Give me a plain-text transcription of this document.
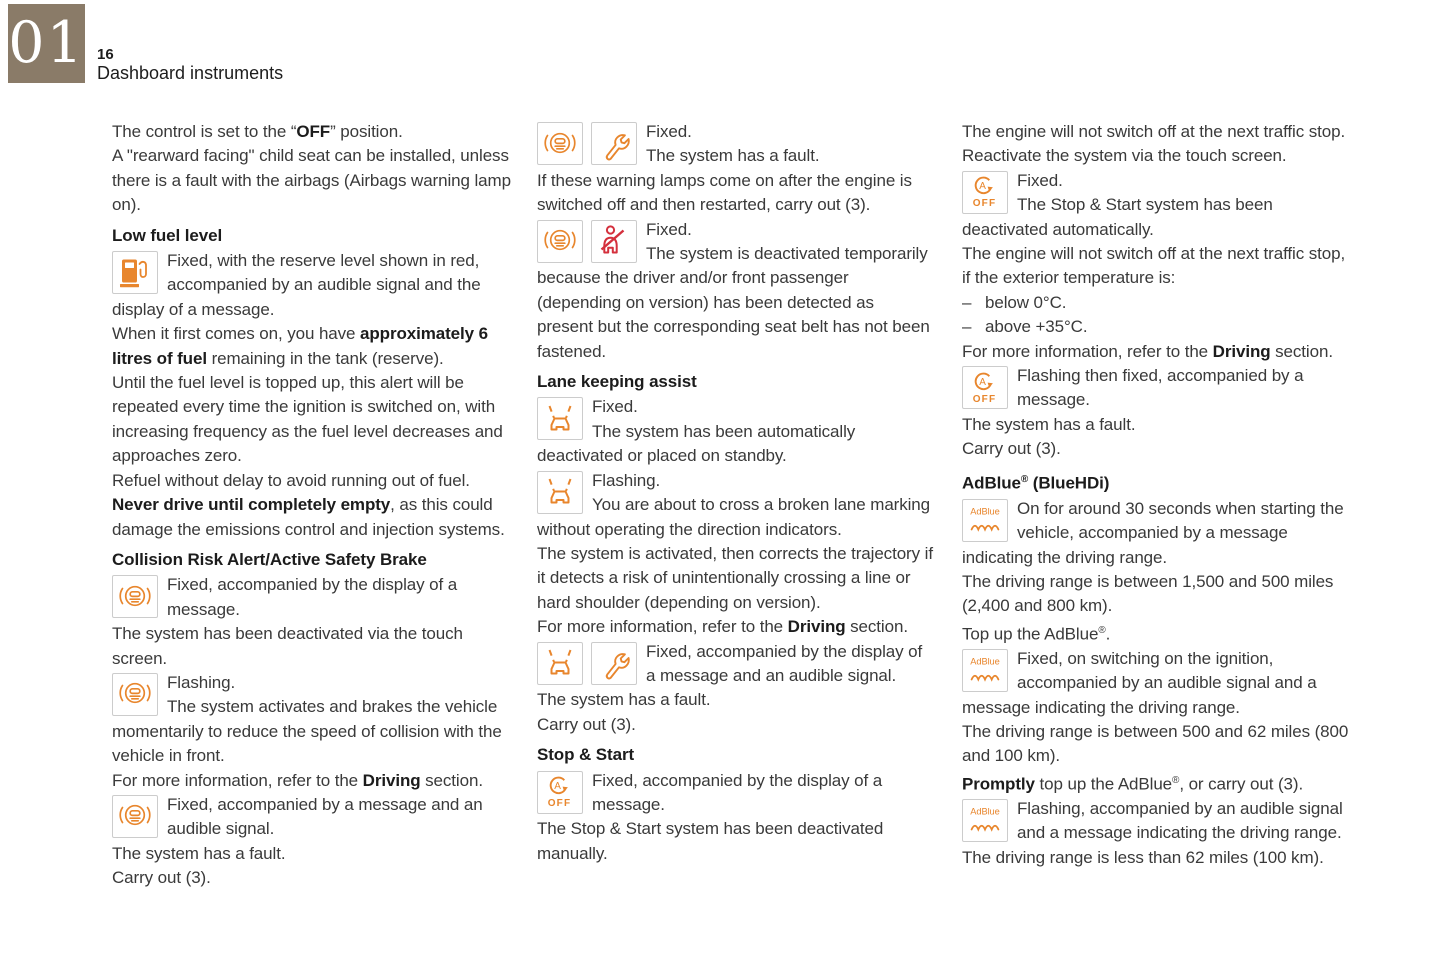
01 16
Dashboard instruments

The control is set to the “OFF” position.

A "rearward facing" child seat can be installed, unless there is a fault with the airbags (Airbags warning lamp on).

Low fuel level

Fixed, with the reserve level shown in red, accompanied by an audible signal and the display of a message.

When it first comes on, you have approximately 6 litres of fuel remaining in the tank (reserve).

Until the fuel level is topped up, this alert will be repeated every time the ignition is switched on, with increasing frequency as the fuel level decreases and approaches zero.

Refuel without delay to avoid running out of fuel.

Never drive until completely empty, as this could damage the emissions control and injection systems.

Collision Risk Alert/Active Safety Brake

Fixed, accompanied by the display of a message.

The system has been deactivated via the touch screen.

Flashing.

The system activates and brakes the vehicle momentarily to reduce the speed of collision with the vehicle in front.

For more information, refer to the Driving section.

Fixed, accompanied by a message and an audible signal.

The system has a fault.

Carry out (3).

Fixed.

The system has a fault.

If these warning lamps come on after the engine is switched off and then restarted, carry out (3).

Fixed.

The system is deactivated temporarily because the driver and/or front passenger (depending on version) has been detected as present but the corresponding seat belt has not been fastened.

Lane keeping assist

Fixed.

The system has been automatically deactivated or placed on standby.

Flashing.

You are about to cross a broken lane marking without operating the direction indicators.

The system is activated, then corrects the trajectory if it detects a risk of unintentionally crossing a line or hard shoulder (depending on version).

For more information, refer to the Driving section.

Fixed, accompanied by the display of a message and an audible signal.

The system has a fault.

Carry out (3).

Stop & Start
A
OFF

Fixed, accompanied by the display of a message.

The Stop & Start system has been deactivated manually.

The engine will not switch off at the next traffic stop.

Reactivate the system via the touch screen.

A
OFF

Fixed.

The Stop & Start system has been deactivated automatically.

The engine will not switch off at the next traffic stop, if the exterior temperature is:

– below 0°C.

– above +35°C.

For more information, refer to the Driving section.

A
OFF

Flashing then fixed, accompanied by a message.

The system has a fault.

Carry out (3).

AdBlue® (BlueHDi)
AdBlue	On for around 30 seconds when starting the vehicle, accompanied by a message indicating the driving range.

The driving range is between 1,500 and 500 miles (2,400 and 800 km).

Top up the AdBlue®.

AdBlue	Fixed, on switching on the ignition, accompanied by an audible signal and a message indicating the driving range.

The driving range is between 500 and 62 miles (800 and 100 km).

Promptly top up the AdBlue®, or carry out (3).

AdBlue	Flashing, accompanied by an audible signal and a message indicating the driving range.

The driving range is less than 62 miles (100 km).
